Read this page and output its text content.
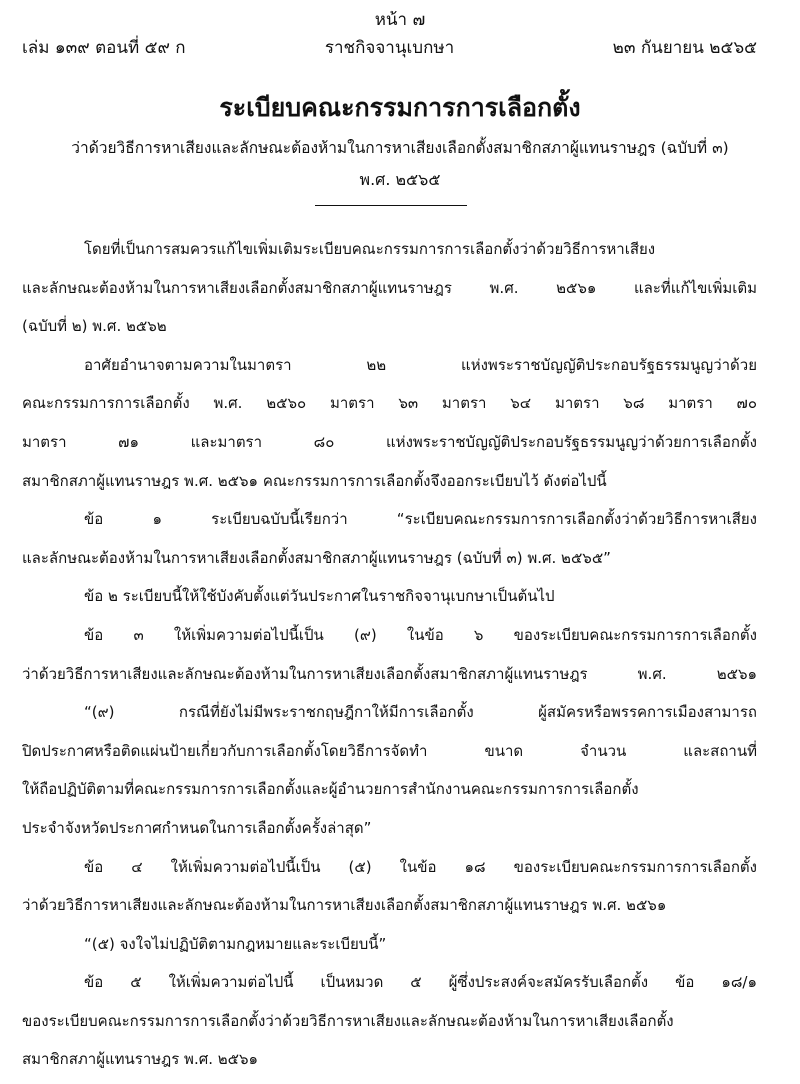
หน้า ๗
เล่ม ๑๓๙ ตอนที่ ๕๙ ก	ราชกิจจานุเบกษา	๒๓ กันยายน ๒๕๖๕
ระเบียบคณะกรรมการการเลือกตั้ง
ว่าด้วยวิธีการหาเสียงและลักษณะต้องห้ามในการหาเสียงเลือกตั้งสมาชิกสภาผู้แทนราษฎร (ฉบับที่ ๓)
พ.ศ. ๒๕๖๕
โดยที่เป็นการสมควรแก้ไขเพิ่มเติมระเบียบคณะกรรมการการเลือกตั้งว่าด้วยวิธีการหาเสียง
และลักษณะต้องห้ามในการหาเสียงเลือกตั้งสมาชิกสภาผู้แทนราษฎร พ.ศ. ๒๕๖๑ และที่แก้ไขเพิ่มเติม
(ฉบับที่ ๒) พ.ศ. ๒๕๖๒
อาศัยอำนาจตามความในมาตรา ๒๒ แห่งพระราชบัญญัติประกอบรัฐธรรมนูญว่าด้วย
คณะกรรมการการเลือกตั้ง พ.ศ. ๒๕๖๐ มาตรา ๖๓ มาตรา ๖๔ มาตรา ๖๘ มาตรา ๗๐
มาตรา ๗๑ และมาตรา ๘๐ แห่งพระราชบัญญัติประกอบรัฐธรรมนูญว่าด้วยการเลือกตั้ง
สมาชิกสภาผู้แทนราษฎร พ.ศ. ๒๕๖๑ คณะกรรมการการเลือกตั้งจึงออกระเบียบไว้ ดังต่อไปนี้
ข้อ ๑ ระเบียบฉบับนี้เรียกว่า “ระเบียบคณะกรรมการการเลือกตั้งว่าด้วยวิธีการหาเสียง
และลักษณะต้องห้ามในการหาเสียงเลือกตั้งสมาชิกสภาผู้แทนราษฎร (ฉบับที่ ๓) พ.ศ. ๒๕๖๕”
ข้อ ๒ ระเบียบนี้ให้ใช้บังคับตั้งแต่วันประกาศในราชกิจจานุเบกษาเป็นต้นไป
ข้อ ๓ ให้เพิ่มความต่อไปนี้เป็น (๙) ในข้อ ๖ ของระเบียบคณะกรรมการการเลือกตั้ง
ว่าด้วยวิธีการหาเสียงและลักษณะต้องห้ามในการหาเสียงเลือกตั้งสมาชิกสภาผู้แทนราษฎร พ.ศ. ๒๕๖๑
“(๙) กรณีที่ยังไม่มีพระราชกฤษฎีกาให้มีการเลือกตั้ง ผู้สมัครหรือพรรคการเมืองสามารถ
ปิดประกาศหรือติดแผ่นป้ายเกี่ยวกับการเลือกตั้งโดยวิธีการจัดทำ ขนาด จำนวน และสถานที่
ให้ถือปฏิบัติตามที่คณะกรรมการการเลือกตั้งและผู้อำนวยการสำนักงานคณะกรรมการการเลือกตั้ง
ประจำจังหวัดประกาศกำหนดในการเลือกตั้งครั้งล่าสุด”
ข้อ ๔ ให้เพิ่มความต่อไปนี้เป็น (๕) ในข้อ ๑๘ ของระเบียบคณะกรรมการการเลือกตั้ง
ว่าด้วยวิธีการหาเสียงและลักษณะต้องห้ามในการหาเสียงเลือกตั้งสมาชิกสภาผู้แทนราษฎร พ.ศ. ๒๕๖๑
“(๕) จงใจไม่ปฏิบัติตามกฎหมายและระเบียบนี้”
ข้อ ๕ ให้เพิ่มความต่อไปนี้ เป็นหมวด ๕ ผู้ซึ่งประสงค์จะสมัครรับเลือกตั้ง ข้อ ๑๘/๑
ของระเบียบคณะกรรมการการเลือกตั้งว่าด้วยวิธีการหาเสียงและลักษณะต้องห้ามในการหาเสียงเลือกตั้ง
สมาชิกสภาผู้แทนราษฎร พ.ศ. ๒๕๖๑
